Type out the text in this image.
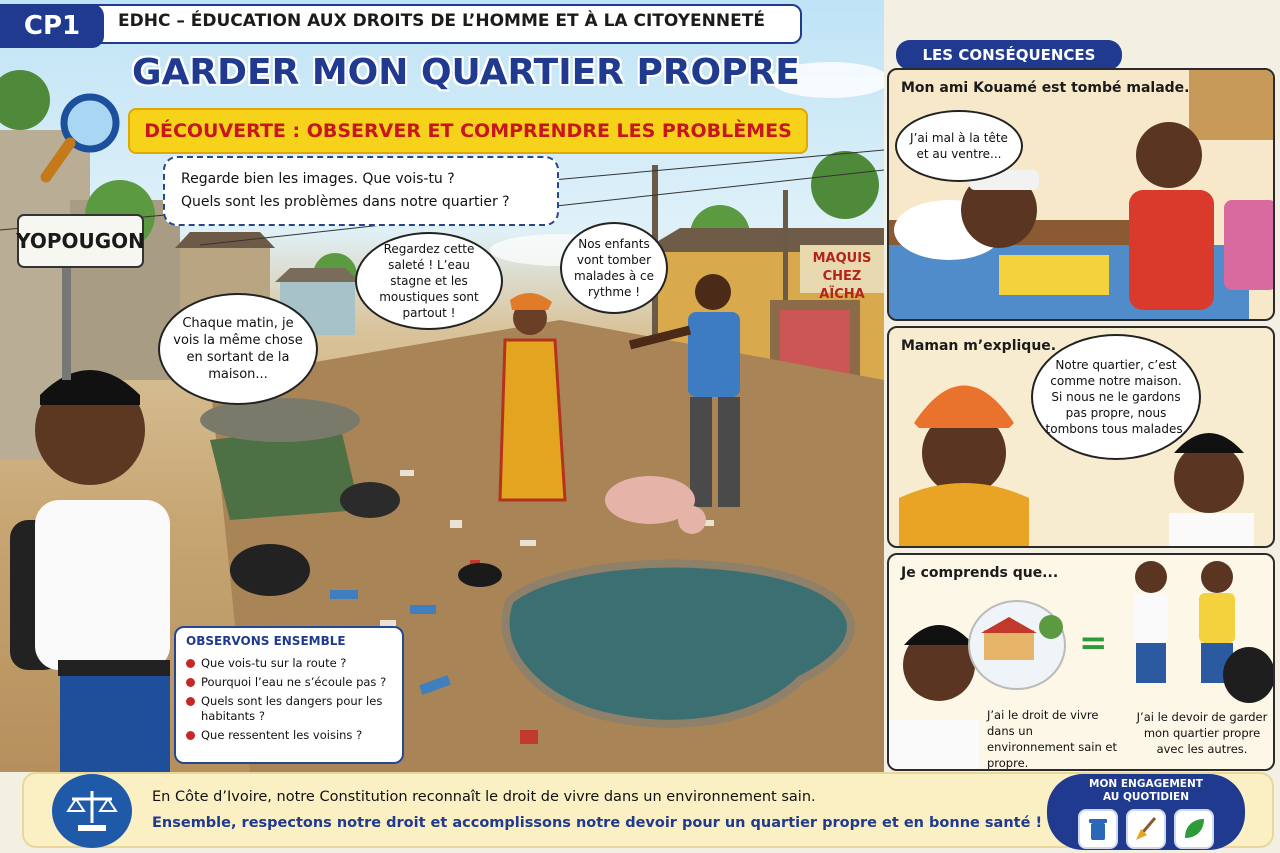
YOPOUGON
MAQUIS
CHEZ AÏCHA
Chaque matin, je vois la même chose en sortant de la maison...
Regardez cette saleté ! L’eau stagne et les moustiques sont partout !
Nos enfants vont tomber malades à ce rythme !
Regarde bien les images. Que vois-tu ?
Quels sont les problèmes dans notre quartier ?
OBSERVONS ENSEMBLE
Que vois-tu sur la route ?
Pourquoi l’eau ne s’écoule pas ?
Quels sont les dangers pour les habitants ?
Que ressentent les voisins ?
CP1	EDHC – ÉDUCATION AUX DROITS DE L’HOMME ET À LA CITOYENNETÉ
GARDER MON QUARTIER PROPRE
DÉCOUVERTE : OBSERVER ET COMPRENDRE LES PROBLÈMES
LES CONSÉQUENCES
Mon ami Kouamé est tombé malade.
J’ai mal à la tête et au ventre...
Maman m’explique.
Notre quartier, c’est comme notre maison. Si nous ne le gardons pas propre, nous tombons tous malades.
Je comprends que...
=
J’ai le droit de vivre dans un environnement sain et propre.
J’ai le devoir de garder mon quartier propre avec les autres.
En Côte d’Ivoire, notre Constitution reconnaît le droit de vivre dans un environnement sain.
Ensemble, respectons notre droit et accomplissons notre devoir pour un quartier propre et en bonne santé !
MON ENGAGEMENT
AU QUOTIDIEN
